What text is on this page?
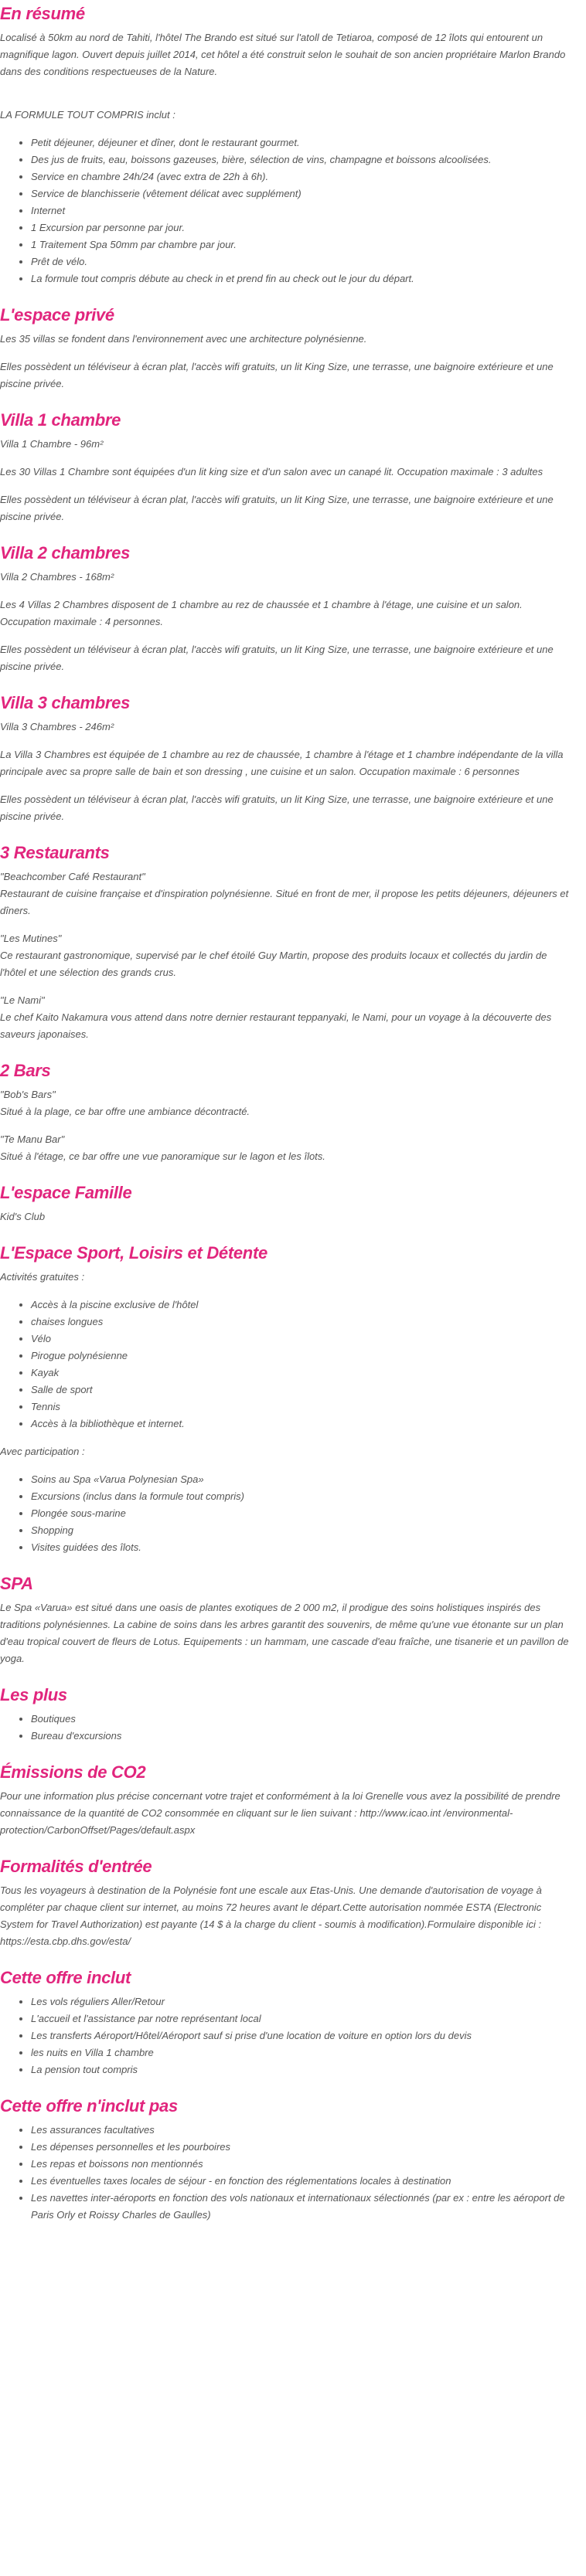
En résumé

Localisé à 50km au nord de Tahiti, l'hôtel The Brando est situé sur l'atoll de Tetiaroa, composé de 12 îlots qui entourent un magnifique lagon. Ouvert depuis juillet 2014, cet hôtel a été construit selon le souhait de son ancien propriétaire Marlon Brando dans des conditions respectueuses de la Nature.

LA FORMULE TOUT COMPRIS inclut :

• Petit déjeuner, déjeuner et dîner, dont le restaurant gourmet.
• Des jus de fruits, eau, boissons gazeuses, bière, sélection de vins, champagne et boissons alcoolisées.
• Service en chambre 24h/24 (avec extra de 22h à 6h).
• Service de blanchisserie (vêtement délicat avec supplément)
• Internet
• 1 Excursion par personne par jour.
• 1 Traitement Spa 50mm par chambre par jour.
• Prêt de vélo.
• La formule tout compris débute au check in et prend fin au check out le jour du départ.
L'espace privé

Les 35 villas se fondent dans l'environnement avec une architecture polynésienne.

Elles possèdent un téléviseur à écran plat, l'accès wifi gratuits, un lit King Size, une terrasse, une baignoire extérieure et une piscine privée.

Villa 1 chambre

Villa 1 Chambre - 96m²

Les 30 Villas 1 Chambre sont équipées d'un lit king size et d'un salon avec un canapé lit. Occupation maximale : 3 adultes

Elles possèdent un téléviseur à écran plat, l'accès wifi gratuits, un lit King Size, une terrasse, une baignoire extérieure et une piscine privée.

Villa 2 chambres

Villa 2 Chambres - 168m²

Les 4 Villas 2 Chambres disposent de 1 chambre au rez de chaussée et 1 chambre à l'étage, une cuisine et un salon. Occupation maximale : 4 personnes.

Elles possèdent un téléviseur à écran plat, l'accès wifi gratuits, un lit King Size, une terrasse, une baignoire extérieure et une piscine privée.

Villa 3 chambres

Villa 3 Chambres - 246m²

La Villa 3 Chambres est équipée de 1 chambre au rez de chaussée, 1 chambre à l'étage et 1 chambre indépendante de la villa principale avec sa propre salle de bain et son dressing , une cuisine et un salon. Occupation maximale : 6 personnes

Elles possèdent un téléviseur à écran plat, l'accès wifi gratuits, un lit King Size, une terrasse, une baignoire extérieure et une piscine privée.

3 Restaurants

"Beachcomber Café Restaurant"
Restaurant de cuisine française et d'inspiration polynésienne. Situé en front de mer, il propose les petits déjeuners, déjeuners et dîners.

"Les Mutines"
Ce restaurant gastronomique, supervisé par le chef étoilé Guy Martin, propose des produits locaux et collectés du jardin de l'hôtel et une sélection des grands crus.

"Le Nami"
Le chef Kaito Nakamura vous attend dans notre dernier restaurant teppanyaki, le Nami, pour un voyage à la découverte des saveurs japonaises.

2 Bars

"Bob's Bars"
Situé à la plage, ce bar offre une ambiance décontracté.

"Te Manu Bar"
Situé à l'étage, ce bar offre une vue panoramique sur le lagon et les îlots.

L'espace Famille

Kid's Club

L'Espace Sport, Loisirs et Détente

Activités gratuites :

• Accès à la piscine exclusive de l'hôtel
• chaises longues
• Vélo
• Pirogue polynésienne
• Kayak
• Salle de sport
• Tennis
• Accès à la bibliothèque et internet.

Avec participation :

• Soins au Spa «Varua Polynesian Spa»
• Excursions (inclus dans la formule tout compris)
• Plongée sous-marine
• Shopping
• Visites guidées des îlots.
SPA

Le Spa «Varua» est situé dans une oasis de plantes exotiques de 2 000 m2, il prodigue des soins holistiques inspirés des traditions polynésiennes. La cabine de soins dans les arbres garantit des souvenirs, de même qu'une vue étonante sur un plan d'eau tropical couvert de fleurs de Lotus. Equipements : un hammam, une cascade d'eau fraîche, une tisanerie et un pavillon de yoga.

Les plus
• Boutiques
• Bureau d'excursions
Émissions de CO2

Pour une information plus précise concernant votre trajet et conformément à la loi Grenelle vous avez la possibilité de prendre connaissance de la quantité de CO2 consommée en cliquant sur le lien suivant : http://www.icao.int /environmental-protection/CarbonOffset/Pages/default.aspx

Formalités d'entrée

Tous les voyageurs à destination de la Polynésie font une escale aux Etas-Unis. Une demande d'autorisation de voyage à compléter par chaque client sur internet, au moins 72 heures avant le départ.Cette autorisation nommée ESTA (Electronic System for Travel Authorization) est payante (14 $ à la charge du client - soumis à modification).Formulaire disponible ici : https://esta.cbp.dhs.gov/esta/

Cette offre inclut
• Les vols réguliers Aller/Retour
• L'accueil et l'assistance par notre représentant local
• Les transferts Aéroport/Hôtel/Aéroport sauf si prise d'une location de voiture en option lors du devis
• les nuits en Villa 1 chambre
• La pension tout compris
Cette offre n'inclut pas
• Les assurances facultatives
• Les dépenses personnelles et les pourboires
• Les repas et boissons non mentionnés
• Les éventuelles taxes locales de séjour - en fonction des réglementations locales à destination
• Les navettes inter-aéroports en fonction des vols nationaux et internationaux sélectionnés (par ex : entre les aéroport de Paris Orly et Roissy Charles de Gaulles)
